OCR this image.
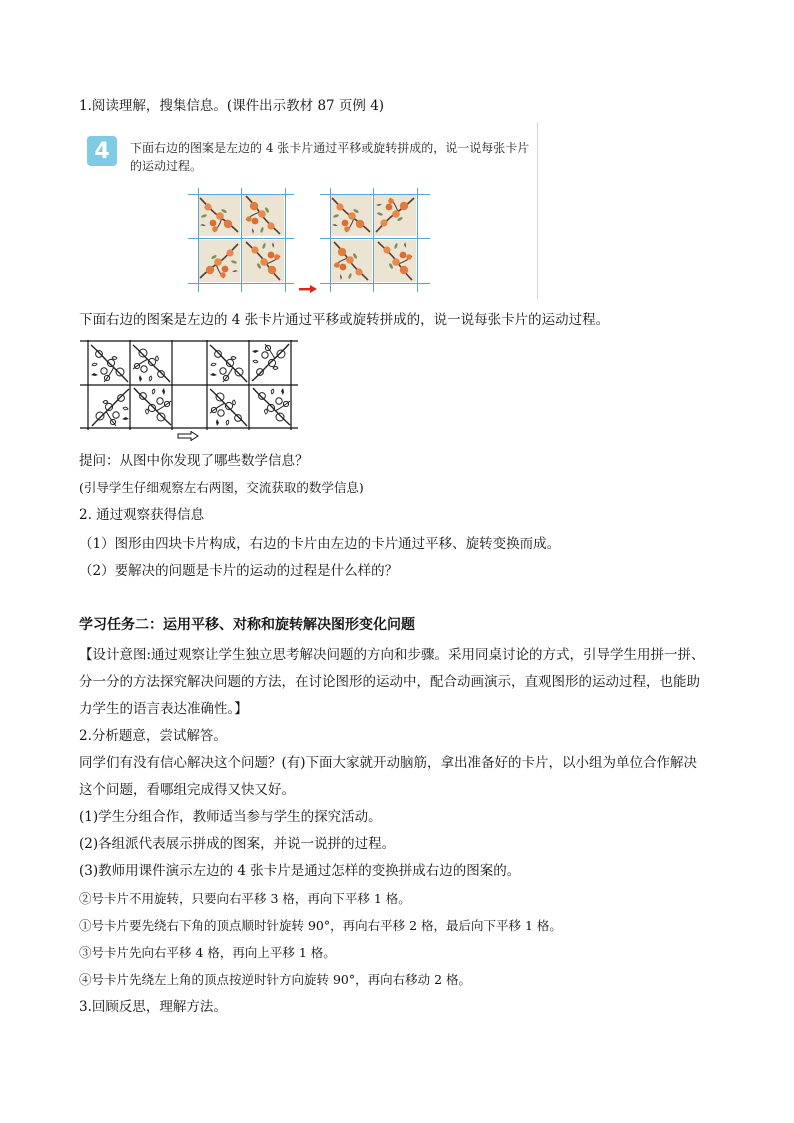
1.阅读理解，搜集信息。(课件出示教材 87 页例 4)
4	下面右边的图案是左边的 4 张卡片通过平移或旋转拼成的，说一说每张卡片的运动过程。
下面右边的图案是左边的 4 张卡片通过平移或旋转拼成的，说一说每张卡片的运动过程。
提问：从图中你发现了哪些数学信息？
(引导学生仔细观察左右两图，交流获取的数学信息)
2. 通过观察获得信息
（1）图形由四块卡片构成，右边的卡片由左边的卡片通过平移、旋转变换而成。
（2）要解决的问题是卡片的运动的过程是什么样的？
学习任务二：运用平移、对称和旋转解决图形变化问题
【设计意图:通过观察让学生独立思考解决问题的方向和步骤。采用同桌讨论的方式，引导学生用拼一拼、
分一分的方法探究解决问题的方法，在讨论图形的运动中，配合动画演示，直观图形的运动过程，也能助
力学生的语言表达准确性。】
2.分析题意，尝试解答。
同学们有没有信心解决这个问题？(有)下面大家就开动脑筋，拿出准备好的卡片，以小组为单位合作解决
这个问题，看哪组完成得又快又好。
(1)学生分组合作，教师适当参与学生的探究活动。
(2)各组派代表展示拼成的图案，并说一说拼的过程。
(3)教师用课件演示左边的 4 张卡片是通过怎样的变换拼成右边的图案的。
②号卡片不用旋转，只要向右平移 3 格，再向下平移 1 格。
①号卡片要先绕右下角的顶点顺时针旋转 90°，再向右平移 2 格，最后向下平移 1 格。
③号卡片先向右平移 4 格，再向上平移 1 格。
④号卡片先绕左上角的顶点按逆时针方向旋转 90°，再向右移动 2 格。
3.回顾反思，理解方法。
